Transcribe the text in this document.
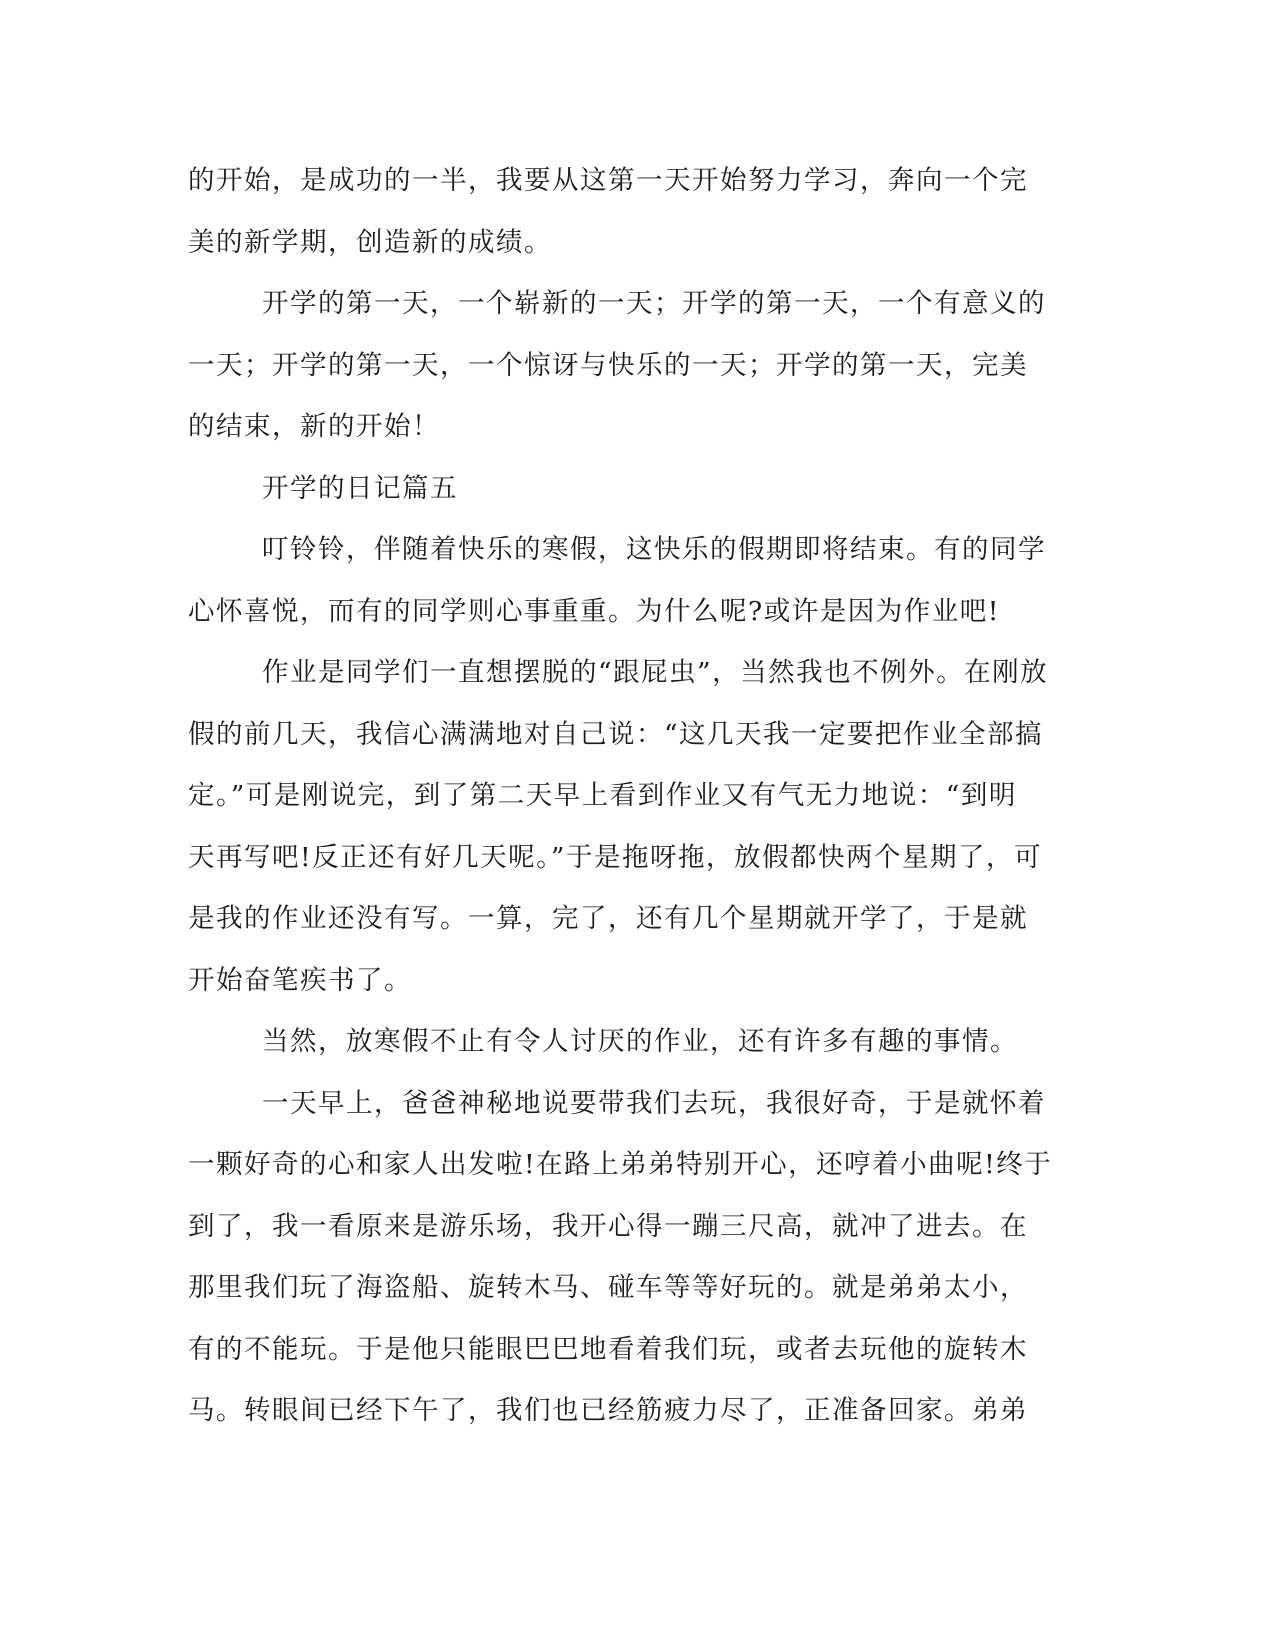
的开始，是成功的一半，我要从这第一天开始努力学习，奔向一个完
美的新学期，创造新的成绩。
开学的第一天，一个崭新的一天；开学的第一天，一个有意义的
一天；开学的第一天，一个惊讶与快乐的一天；开学的第一天，完美
的结束，新的开始！
开学的日记篇五
叮铃铃，伴随着快乐的寒假，这快乐的假期即将结束。有的同学
心怀喜悦，而有的同学则心事重重。为什么呢?或许是因为作业吧!
作业是同学们一直想摆脱的“跟屁虫”，当然我也不例外。在刚放
假的前几天，我信心满满地对自己说：“这几天我一定要把作业全部搞
定。”可是刚说完，到了第二天早上看到作业又有气无力地说：“到明
天再写吧!反正还有好几天呢。”于是拖呀拖，放假都快两个星期了，可
是我的作业还没有写。一算，完了，还有几个星期就开学了，于是就
开始奋笔疾书了。
当然，放寒假不止有令人讨厌的作业，还有许多有趣的事情。
一天早上，爸爸神秘地说要带我们去玩，我很好奇，于是就怀着
一颗好奇的心和家人出发啦!在路上弟弟特别开心，还哼着小曲呢!终于
到了，我一看原来是游乐场，我开心得一蹦三尺高，就冲了进去。在
那里我们玩了海盗船、旋转木马、碰车等等好玩的。就是弟弟太小，
有的不能玩。于是他只能眼巴巴地看着我们玩，或者去玩他的旋转木
马。转眼间已经下午了，我们也已经筋疲力尽了，正准备回家。弟弟
